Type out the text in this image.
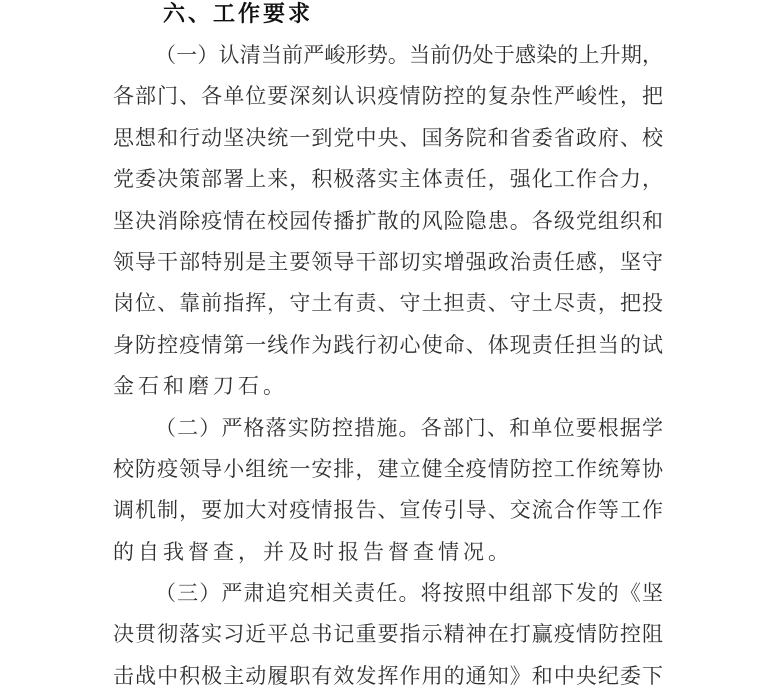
六、工作要求
（一）认清当前严峻形势。当前仍处于感染的上升期，
各部门、各单位要深刻认识疫情防控的复杂性严峻性，把
思想和行动坚决统一到党中央、国务院和省委省政府、校
党委决策部署上来，积极落实主体责任，强化工作合力，
坚决消除疫情在校园传播扩散的风险隐患。各级党组织和
领导干部特别是主要领导干部切实增强政治责任感，坚守
岗位、靠前指挥，守土有责、守土担责、守土尽责，把投
身防控疫情第一线作为践行初心使命、体现责任担当的试
金石和磨刀石。
（二）严格落实防控措施。各部门、和单位要根据学
校防疫领导小组统一安排，建立健全疫情防控工作统筹协
调机制，要加大对疫情报告、宣传引导、交流合作等工作
的自我督查，并及时报告督查情况。
（三）严肃追究相关责任。将按照中组部下发的《坚
决贯彻落实习近平总书记重要指示精神在打赢疫情防控阻
击战中积极主动履职有效发挥作用的通知》和中央纪委下
